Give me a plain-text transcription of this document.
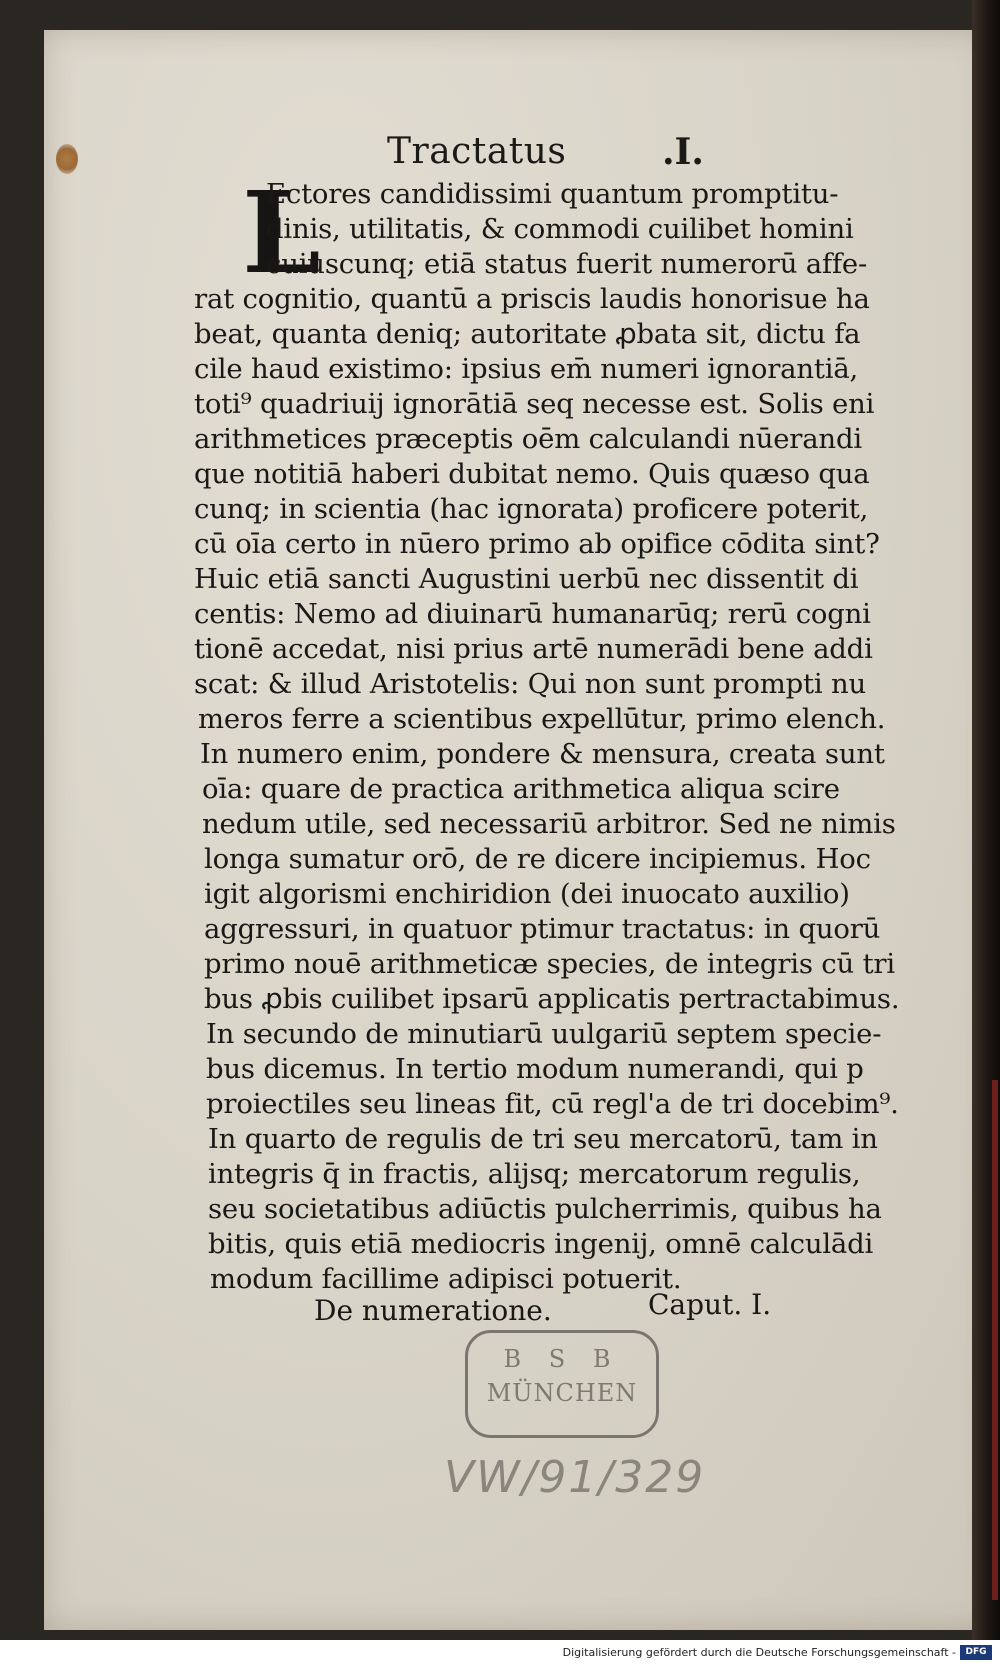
Tractatus	.I.
L
Ectores candidissimi quantum promptitu-
dinis, utilitatis, & commodi cuilibet homini
cuiuscunq; etiā status fuerit numerorū affe-
rat cognitio, quantū a priscis laudis honorisue ha
beat, quanta deniq; autoritate ꝓbata sit, dictu fa
cile haud existimo: ipsius em̄ numeri ignorantiā,
toti⁹ quadriuij ignorātiā seq necesse est. Solis eni
arithmetices præceptis oēm calculandi nūerandi
que notitiā haberi dubitat nemo. Quis quæso qua
cunq; in scientia (hac ignorata) proficere poterit,
cū oīa certo in nūero primo ab opifice cōdita sint?
Huic etiā sancti Augustini uerbū nec dissentit di
centis: Nemo ad diuinarū humanarūq; rerū cogni
tionē accedat, nisi prius artē numerādi bene addi
scat: & illud Aristotelis: Qui non sunt prompti nu
meros ferre a scientibus expellūtur, primo elench.
In numero enim, pondere & mensura, creata sunt
oīa: quare de practica arithmetica aliqua scire
nedum utile, sed necessariū arbitror. Sed ne nimis
longa sumatur orō, de re dicere incipiemus. Hoc
igit algorismi enchiridion (dei inuocato auxilio)
aggressuri, in quatuor ptimur tractatus: in quorū
primo nouē arithmeticæ species, de integris cū tri
bus ꝓbis cuilibet ipsarū applicatis pertractabimus.
In secundo de minutiarū uulgariū septem specie-
bus dicemus. In tertio modum numerandi, qui p
proiectiles seu lineas fit, cū regl'a de tri docebim⁹.
In quarto de regulis de tri seu mercatorū, tam in
integris q̄ in fractis, alijsq; mercatorum regulis,
seu societatibus adiūctis pulcherrimis, quibus ha
bitis, quis etiā mediocris ingenij, omnē calculādi
modum facillime adipisci potuerit.
De numeratione.	Caput. I.
B S B
MÜNCHEN
VW/91/329
Digitalisierung gefördert durch die Deutsche Forschungsgemeinschaft -	DFG
